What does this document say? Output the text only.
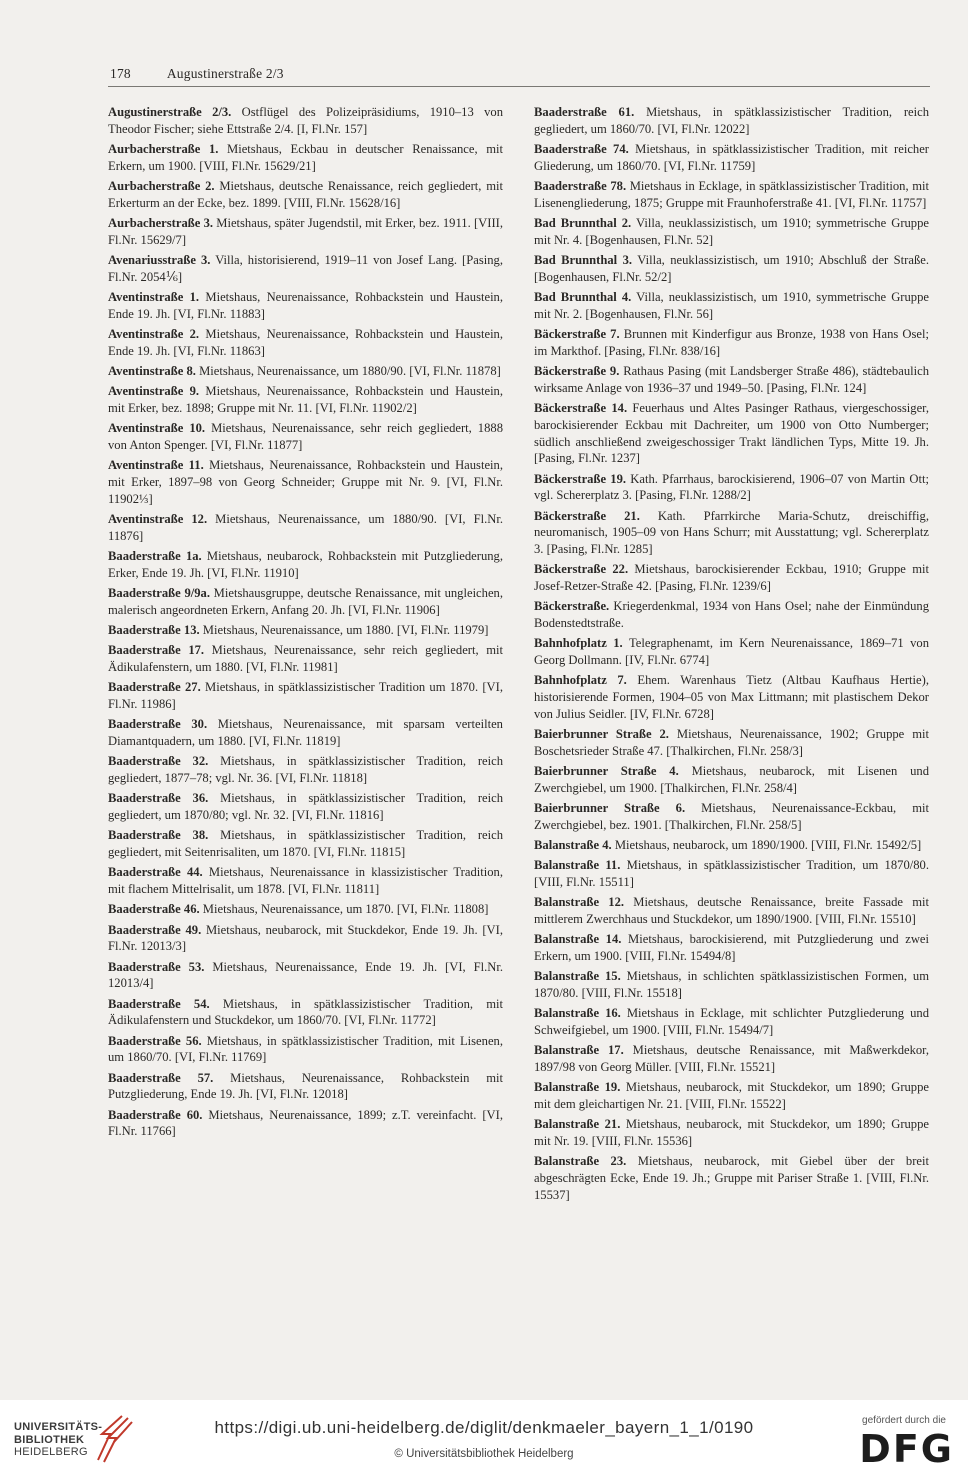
178	Augustinerstraße 2/3

Augustinerstraße 2/3. Ostflügel des Polizeipräsidiums, 1910–13 von Theodor Fischer; siehe Ettstraße 2/4. [I, Fl.Nr. 157]

Aurbacherstraße 1. Mietshaus, Eckbau in deutscher Renaissance, mit Erkern, um 1900. [VIII, Fl.Nr. 15629/21]

Aurbacherstraße 2. Mietshaus, deutsche Renaissance, reich gegliedert, mit Erkerturm an der Ecke, bez. 1899. [VIII, Fl.Nr. 15628/16]

Aurbacherstraße 3. Mietshaus, später Jugendstil, mit Erker, bez. 1911. [VIII, Fl.Nr. 15629/7]

Avenariusstraße 3. Villa, historisierend, 1919–11 von Josef Lang. [Pasing, Fl.Nr. 2054⅙]

Aventinstraße 1. Mietshaus, Neurenaissance, Rohbackstein und Haustein, Ende 19. Jh. [VI, Fl.Nr. 11883]

Aventinstraße 2. Mietshaus, Neurenaissance, Rohbackstein und Haustein, Ende 19. Jh. [VI, Fl.Nr. 11863]

Aventinstraße 8. Mietshaus, Neurenaissance, um 1880/90. [VI, Fl.Nr. 11878]

Aventinstraße 9. Mietshaus, Neurenaissance, Rohbackstein und Haustein, mit Erker, bez. 1898; Gruppe mit Nr. 11. [VI, Fl.Nr. 11902/2]

Aventinstraße 10. Mietshaus, Neurenaissance, sehr reich gegliedert, 1888 von Anton Spenger. [VI, Fl.Nr. 11877]

Aventinstraße 11. Mietshaus, Neurenaissance, Rohbackstein und Haustein, mit Erker, 1897–98 von Georg Schneider; Gruppe mit Nr. 9. [VI, Fl.Nr. 11902⅓]

Aventinstraße 12. Mietshaus, Neurenaissance, um 1880/90. [VI, Fl.Nr. 11876]

Baaderstraße 1a. Mietshaus, neubarock, Rohbackstein mit Putzgliederung, Erker, Ende 19. Jh. [VI, Fl.Nr. 11910]

Baaderstraße 9/9a. Mietshausgruppe, deutsche Renaissance, mit ungleichen, malerisch angeordneten Erkern, Anfang 20. Jh. [VI, Fl.Nr. 11906]

Baaderstraße 13. Mietshaus, Neurenaissance, um 1880. [VI, Fl.Nr. 11979]

Baaderstraße 17. Mietshaus, Neurenaissance, sehr reich gegliedert, mit Ädikulafenstern, um 1880. [VI, Fl.Nr. 11981]

Baaderstraße 27. Mietshaus, in spätklassizistischer Tradition um 1870. [VI, Fl.Nr. 11986]

Baaderstraße 30. Mietshaus, Neurenaissance, mit sparsam verteilten Diamantquadern, um 1880. [VI, Fl.Nr. 11819]

Baaderstraße 32. Mietshaus, in spätklassizistischer Tradition, reich gegliedert, 1877–78; vgl. Nr. 36. [VI, Fl.Nr. 11818]

Baaderstraße 36. Mietshaus, in spätklassizistischer Tradition, reich gegliedert, um 1870/80; vgl. Nr. 32. [VI, Fl.Nr. 11816]

Baaderstraße 38. Mietshaus, in spätklassizistischer Tradition, reich gegliedert, mit Seitenrisaliten, um 1870. [VI, Fl.Nr. 11815]

Baaderstraße 44. Mietshaus, Neurenaissance in klassizistischer Tradition, mit flachem Mittelrisalit, um 1878. [VI, Fl.Nr. 11811]

Baaderstraße 46. Mietshaus, Neurenaissance, um 1870. [VI, Fl.Nr. 11808]

Baaderstraße 49. Mietshaus, neubarock, mit Stuckdekor, Ende 19. Jh. [VI, Fl.Nr. 12013/3]

Baaderstraße 53. Mietshaus, Neurenaissance, Ende 19. Jh. [VI, Fl.Nr. 12013/4]

Baaderstraße 54. Mietshaus, in spätklassizistischer Tradition, mit Ädikulafenstern und Stuckdekor, um 1860/70. [VI, Fl.Nr. 11772]

Baaderstraße 56. Mietshaus, in spätklassizistischer Tradition, mit Lisenen, um 1860/70. [VI, Fl.Nr. 11769]

Baaderstraße 57. Mietshaus, Neurenaissance, Rohbackstein mit Putzgliederung, Ende 19. Jh. [VI, Fl.Nr. 12018]

Baaderstraße 60. Mietshaus, Neurenaissance, 1899; z.T. vereinfacht. [VI, Fl.Nr. 11766]

Baaderstraße 61. Mietshaus, in spätklassizistischer Tradition, reich gegliedert, um 1860/70. [VI, Fl.Nr. 12022]

Baaderstraße 74. Mietshaus, in spätklassizistischer Tradition, mit reicher Gliederung, um 1860/70. [VI, Fl.Nr. 11759]

Baaderstraße 78. Mietshaus in Ecklage, in spätklassizistischer Tradition, mit Lisenengliederung, 1875; Gruppe mit Fraunhoferstraße 41. [VI, Fl.Nr. 11757]

Bad Brunnthal 2. Villa, neuklassizistisch, um 1910; symmetrische Gruppe mit Nr. 4. [Bogenhausen, Fl.Nr. 52]

Bad Brunnthal 3. Villa, neuklassizistisch, um 1910; Abschluß der Straße. [Bogenhausen, Fl.Nr. 52/2]

Bad Brunnthal 4. Villa, neuklassizistisch, um 1910, symmetrische Gruppe mit Nr. 2. [Bogenhausen, Fl.Nr. 56]

Bäckerstraße 7. Brunnen mit Kinderfigur aus Bronze, 1938 von Hans Osel; im Markthof. [Pasing, Fl.Nr. 838/16]

Bäckerstraße 9. Rathaus Pasing (mit Landsberger Straße 486), städtebaulich wirksame Anlage von 1936–37 und 1949–50. [Pasing, Fl.Nr. 124]

Bäckerstraße 14. Feuerhaus und Altes Pasinger Rathaus, viergeschossiger, barockisierender Eckbau mit Dachreiter, um 1900 von Otto Numberger; südlich anschließend zweigeschossiger Trakt ländlichen Typs, Mitte 19. Jh. [Pasing, Fl.Nr. 1237]

Bäckerstraße 19. Kath. Pfarrhaus, barockisierend, 1906–07 von Martin Ott; vgl. Schererplatz 3. [Pasing, Fl.Nr. 1288/2]

Bäckerstraße 21. Kath. Pfarrkirche Maria-Schutz, dreischiffig, neuromanisch, 1905–09 von Hans Schurr; mit Ausstattung; vgl. Schererplatz 3. [Pasing, Fl.Nr. 1285]

Bäckerstraße 22. Mietshaus, barockisierender Eckbau, 1910; Gruppe mit Josef-Retzer-Straße 42. [Pasing, Fl.Nr. 1239/6]

Bäckerstraße. Kriegerdenkmal, 1934 von Hans Osel; nahe der Einmündung Bodenstedtstraße.

Bahnhofplatz 1. Telegraphenamt, im Kern Neurenaissance, 1869–71 von Georg Dollmann. [IV, Fl.Nr. 6774]

Bahnhofplatz 7. Ehem. Warenhaus Tietz (Altbau Kaufhaus Hertie), historisierende Formen, 1904–05 von Max Littmann; mit plastischem Dekor von Julius Seidler. [IV, Fl.Nr. 6728]

Baierbrunner Straße 2. Mietshaus, Neurenaissance, 1902; Gruppe mit Boschetsrieder Straße 47. [Thalkirchen, Fl.Nr. 258/3]

Baierbrunner Straße 4. Mietshaus, neubarock, mit Lisenen und Zwerchgiebel, um 1900. [Thalkirchen, Fl.Nr. 258/4]

Baierbrunner Straße 6. Mietshaus, Neurenaissance-Eckbau, mit Zwerchgiebel, bez. 1901. [Thalkirchen, Fl.Nr. 258/5]

Balanstraße 4. Mietshaus, neubarock, um 1890/1900. [VIII, Fl.Nr. 15492/5]

Balanstraße 11. Mietshaus, in spätklassizistischer Tradition, um 1870/80. [VIII, Fl.Nr. 15511]

Balanstraße 12. Mietshaus, deutsche Renaissance, breite Fassade mit mittlerem Zwerchhaus und Stuckdekor, um 1890/1900. [VIII, Fl.Nr. 15510]

Balanstraße 14. Mietshaus, barockisierend, mit Putzgliederung und zwei Erkern, um 1900. [VIII, Fl.Nr. 15494/8]

Balanstraße 15. Mietshaus, in schlichten spätklassizistischen Formen, um 1870/80. [VIII, Fl.Nr. 15518]

Balanstraße 16. Mietshaus in Ecklage, mit schlichter Putzgliederung und Schweifgiebel, um 1900. [VIII, Fl.Nr. 15494/7]

Balanstraße 17. Mietshaus, deutsche Renaissance, mit Maßwerkdekor, 1897/98 von Georg Müller. [VIII, Fl.Nr. 15521]

Balanstraße 19. Mietshaus, neubarock, mit Stuckdekor, um 1890; Gruppe mit dem gleichartigen Nr. 21. [VIII, Fl.Nr. 15522]

Balanstraße 21. Mietshaus, neubarock, mit Stuckdekor, um 1890; Gruppe mit Nr. 19. [VIII, Fl.Nr. 15536]

Balanstraße 23. Mietshaus, neubarock, mit Giebel über der breit abgeschrägten Ecke, Ende 19. Jh.; Gruppe mit Pariser Straße 1. [VIII, Fl.Nr. 15537]

UNIVERSITÄTS-
BIBLIOTHEK
HEIDELBERG
https://digi.ub.uni-heidelberg.de/diglit/denkmaeler_bayern_1_1/0190
© Universitätsbibliothek Heidelberg
gefördert durch die
DFG
